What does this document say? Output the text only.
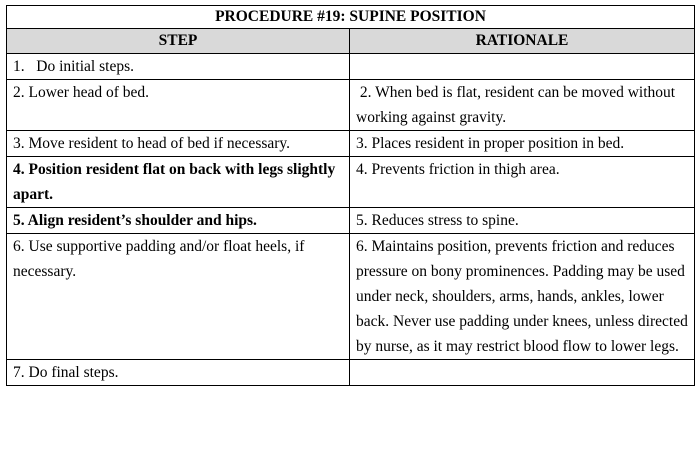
PROCEDURE #19: SUPINE POSITION	
STEP	RATIONALE
1.   Do initial steps.	
2. Lower head of bed.	2. When bed is flat, resident can be moved without working against gravity.
3. Move resident to head of bed if necessary.	3. Places resident in proper position in bed.
4. Position resident flat on back with legs slightly apart.	4. Prevents friction in thigh area.
5. Align resident’s shoulder and hips.	5. Reduces stress to spine.
6. Use supportive padding and/or float heels, if necessary.	6. Maintains position, prevents friction and reduces pressure on bony prominences. Padding may be used under neck, shoulders, arms, hands, ankles, lower back. Never use padding under knees, unless directed by nurse, as it may restrict blood flow to lower legs.
7. Do final steps.	
